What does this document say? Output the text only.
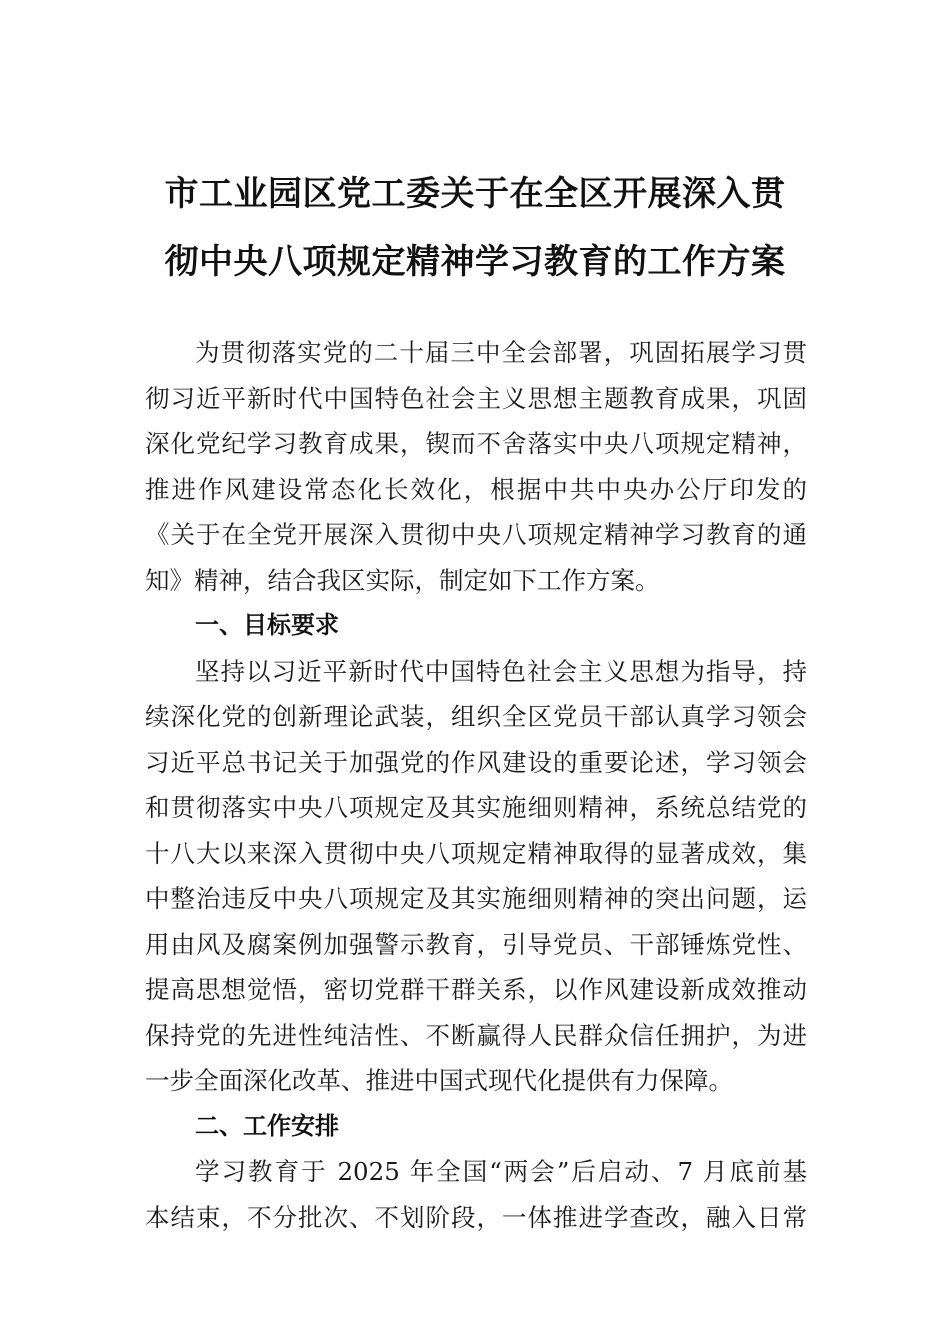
市工业园区党工委关于在全区开展深入贯
彻中央八项规定精神学习教育的工作方案

为贯彻落实党的二十届三中全会部署，巩固拓展学习贯
彻习近平新时代中国特色社会主义思想主题教育成果，巩固
深化党纪学习教育成果，锲而不舍落实中央八项规定精神，
推进作风建设常态化长效化，根据中共中央办公厅印发的
《关于在全党开展深入贯彻中央八项规定精神学习教育的通
知》精神，结合我区实际，制定如下工作方案。

一、目标要求

坚持以习近平新时代中国特色社会主义思想为指导，持
续深化党的创新理论武装，组织全区党员干部认真学习领会
习近平总书记关于加强党的作风建设的重要论述，学习领会
和贯彻落实中央八项规定及其实施细则精神，系统总结党的
十八大以来深入贯彻中央八项规定精神取得的显著成效，集
中整治违反中央八项规定及其实施细则精神的突出问题，运
用由风及腐案例加强警示教育，引导党员、干部锤炼党性、
提高思想觉悟，密切党群干群关系，以作风建设新成效推动
保持党的先进性纯洁性、不断赢得人民群众信任拥护，为进
一步全面深化改革、推进中国式现代化提供有力保障。

二、工作安排

学习教育于 2025 年全国“两会”后启动、7 月底前基
本结束，不分批次、不划阶段，一体推进学查改，融入日常
